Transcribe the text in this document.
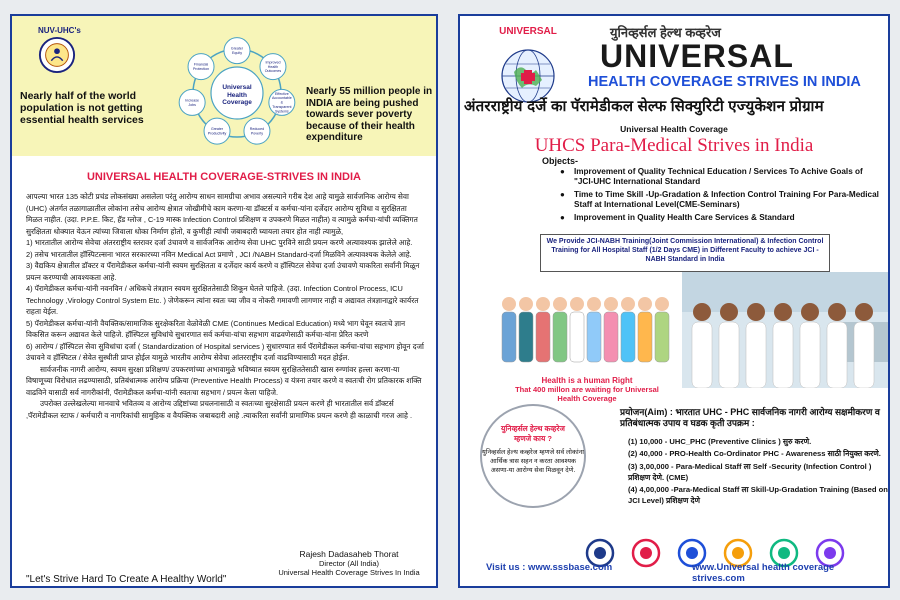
NUV-UHC's
Nearly half of the world population is not getting essential health services
Greater Equity
Improved Health Outcomes
Effective Accountable & Transparent Systems
Reduced Poverty
Greater Productivity
Increase Jobs
Financial Protection
Universal Health Coverage
Nearly 55 million people in INDIA are being pushed towards sever poverty because of their health expenditure
UNIVERSAL HEALTH COVERAGE-STRIVES IN INDIA

आपल्या भारत 135 कोटी प्रचंड लोकसंख्या असलेला परंतु आरोग्य साधन सामग्रीचा अभाव असल्याने गरीब देश आहे यामुळे सार्वजनिक आरोग्य सेवा (UHC) अंतर्गत तळागाळातील लोकांना तसेच आरोग्य क्षेत्रात जोखीमीचे काम करणा-या डॉक्टर्स व कर्मचा-यांना दर्जेदार आरोग्य सुविधा व सुरक्षितता मिळत नाहीत. (उदा. P.P.E. किट, हॅड ग्लोज , C-19 मास्क Infection Control प्रशिक्षण व उपकरणे मिळत नाहीत) व त्यामुळे कर्मचा-यांची व्यक्तिगत सुरक्षितता धोक्यात येऊन त्यांच्या जिवाला धोका निर्माण होतो, व कुणीही त्यांची जबाबदारी घ्यायला तयार होत नाही त्यामुळे,

1) भारतातील आरोग्य सेवेचा अंतरराष्ट्रीय स्तरावर दर्जा उंचावणे व सार्वजनिक आरोग्य सेवा UHC पुरविने साठी प्रयत्न करणे अत्यावश्यक झालेले आहे.

2) तसेच भारतातील हॉस्पिटल्सना भारत सरकारच्या नविन Medical Act प्रमाणे , JCI /NABH Standard-दर्जा मिळविने अत्यावश्यक केलेले आहे.

3) वैद्यकिय क्षेत्रातील डॉक्टर व पॅरामेडीकल कर्मचा-यांनी स्वयम सुरक्षितता व दर्जेदार कार्य करणे व हॉस्पिटल सेवेचा दर्जा उंचावणे याकरिता सर्वांनी मिळून प्रयत्न करण्याची आवश्यकता आहे.

4) पॅरामेडीकल कर्मचा-यांनी नवनविन / अधिकचे तंत्रज्ञान स्वयम सुरक्षिततेसाठी शिकून घेतले पाहिजे. (उदा. Infection Control Process, ICU Technology ,Virology Control System Etc. ) जेणेकरून त्यांना स्वतः च्या जीव व नोकरी गमावणी लागणार नाही व अद्यावत तंत्रज्ञानाद्वारे कार्यरत राहता येईल.

5) पॅरामेडीकल कर्मचा-यांनी वैयक्तिक/सामाजिक सुरक्षेकरिता वेळोवेळी CME (Continues Medical Education) मध्ये भाग घेवून स्वतःचे ज्ञान विकसित करून अद्यावत केले पाहिजे. हॉस्पिटल सुविधांचे सुधारणात सर्व कर्मचा-यांचा सहभाग वाढवणेसाठी कर्मचा-यांना प्रेरित करणे

6) आरोग्य / हॉस्पिटल सेवा सुविधांचा दर्जा ( Standardization of Hospital services ) सुधारण्यात सर्व पॅरामेडीकल कर्मचा-यांचा सहभाग होवून दर्जा उंचावने व हॉस्पिटल / सेवेत सुस्थीती प्राप्त होईल यामुळे भारतीय आरोग्य सेवेचा आंतरराष्ट्रीय दर्जा वाढविण्यासाठी मदत होईल.

सार्वजनीक नागरी आरोग्य, स्वयम सुरक्षा प्रशिक्षण/ उपकरणांच्या अभावामुळे भविष्यात स्वयम सुरक्षिततेसाठी खास रुग्णांवर हल्ला करणा-या विषाणूच्या विरोधात लढण्यासाठी, प्रतिबंधात्मक आरोग्य प्रक्रिया (Preventive Health Process) व यंत्रना तयार करणे व स्वतःची रोग प्रतिकारक शक्ति वाढविने यासाठी सर्व नागरीकांनी, पॅरामेडीकल कर्मचा-यांनी स्वतःचा सहभाग / प्रयत्न केला पाहिजे.

उपरोक्त उल्लेखलेल्या मानवाचे भवितव्य व आरोग्य उद्दिष्टांच्या प्रचलनासाठी व स्वतःच्या सुरक्षेसाठी प्रयत्न करणे ही भारतातील सर्व डॉक्टर्स ,पॅरामेडीकल स्टाफ / कर्मचारी व नागरिकांची सामुहिक व वैयक्तिक जबाबदारी आहे .त्याकरिता सर्वांनी प्रामाणिक प्रयत्न करणे ही काळाची गरज आहे .

Rajesh Dadasaheb Thorat
Director (All India)
Universal Health Coverage Strives In India
"Let's Strive Hard To Create A Healthy World"
UNIVERSAL	युनिव्हर्सल हेल्थ कव्हरेज
UNIVERSAL
HEALTH COVERAGE STRIVES IN INDIA
अंतरराष्ट्रीय दर्जे का पॅरामेडीकल सेल्फ सिक्युरिटी एज्युकेशन प्रोग्राम
Universal Health Coverage
UHCS Para-Medical Strives in India
Objects-
● Improvement of Quality Technical Education / Services To Achive Goals of "JCI-UHC International Standard
● Time to Time Skill -Up-Gradation & Infection Control Training For Para-Medical Staff at International Level(CME-Seminars)
● Improvement in Quality Health Care Services & Standard
We Provide JCI-NABH Training(Joint Commission International) & Infection Control Training for All Hospital Staff (1/2 Days CME) in Different Faculty to achieve JCI - NABH Standard in India
Health is a human Right
That 400 millon are waiting for Universal Health Coverage
युनिव्हर्सल हेल्थ कव्हरेज
म्हणजे काय ?
युनिव्हर्सल हेल्थ कव्हरेज म्हणजे सर्व लोकांना आर्थिक त्रास सहन न करता आवश्यक असणा-या आरोग्य सेवा मिळवून देणे.
प्रयोजन(Aim) : भारतात UHC - PHC सार्वजनिक नागरी आरोग्य सक्षमीकरण व प्रतिबंधात्मक उपाय व घडक कृती उपक्रम :

(1) 10,000 - UHC_PHC (Preventive Clinics ) सुरु करणे.

(2) 40,000 - PRO-Health Co-Ordinator PHC - Awareness साठी नियुक्त करणे.

(3) 3,00,000 - Para-Medical Staff ला Self -Security (Infection Control ) प्रशिक्षण देणे. (CME)

(4) 4,00,000 -Para-Medical Staff ला Skill-Up-Gradation Training (Based on JCI Level) प्रशिक्षण देणे

Visit us : www.sssbase.com	www.Universal health coverage strives.com
